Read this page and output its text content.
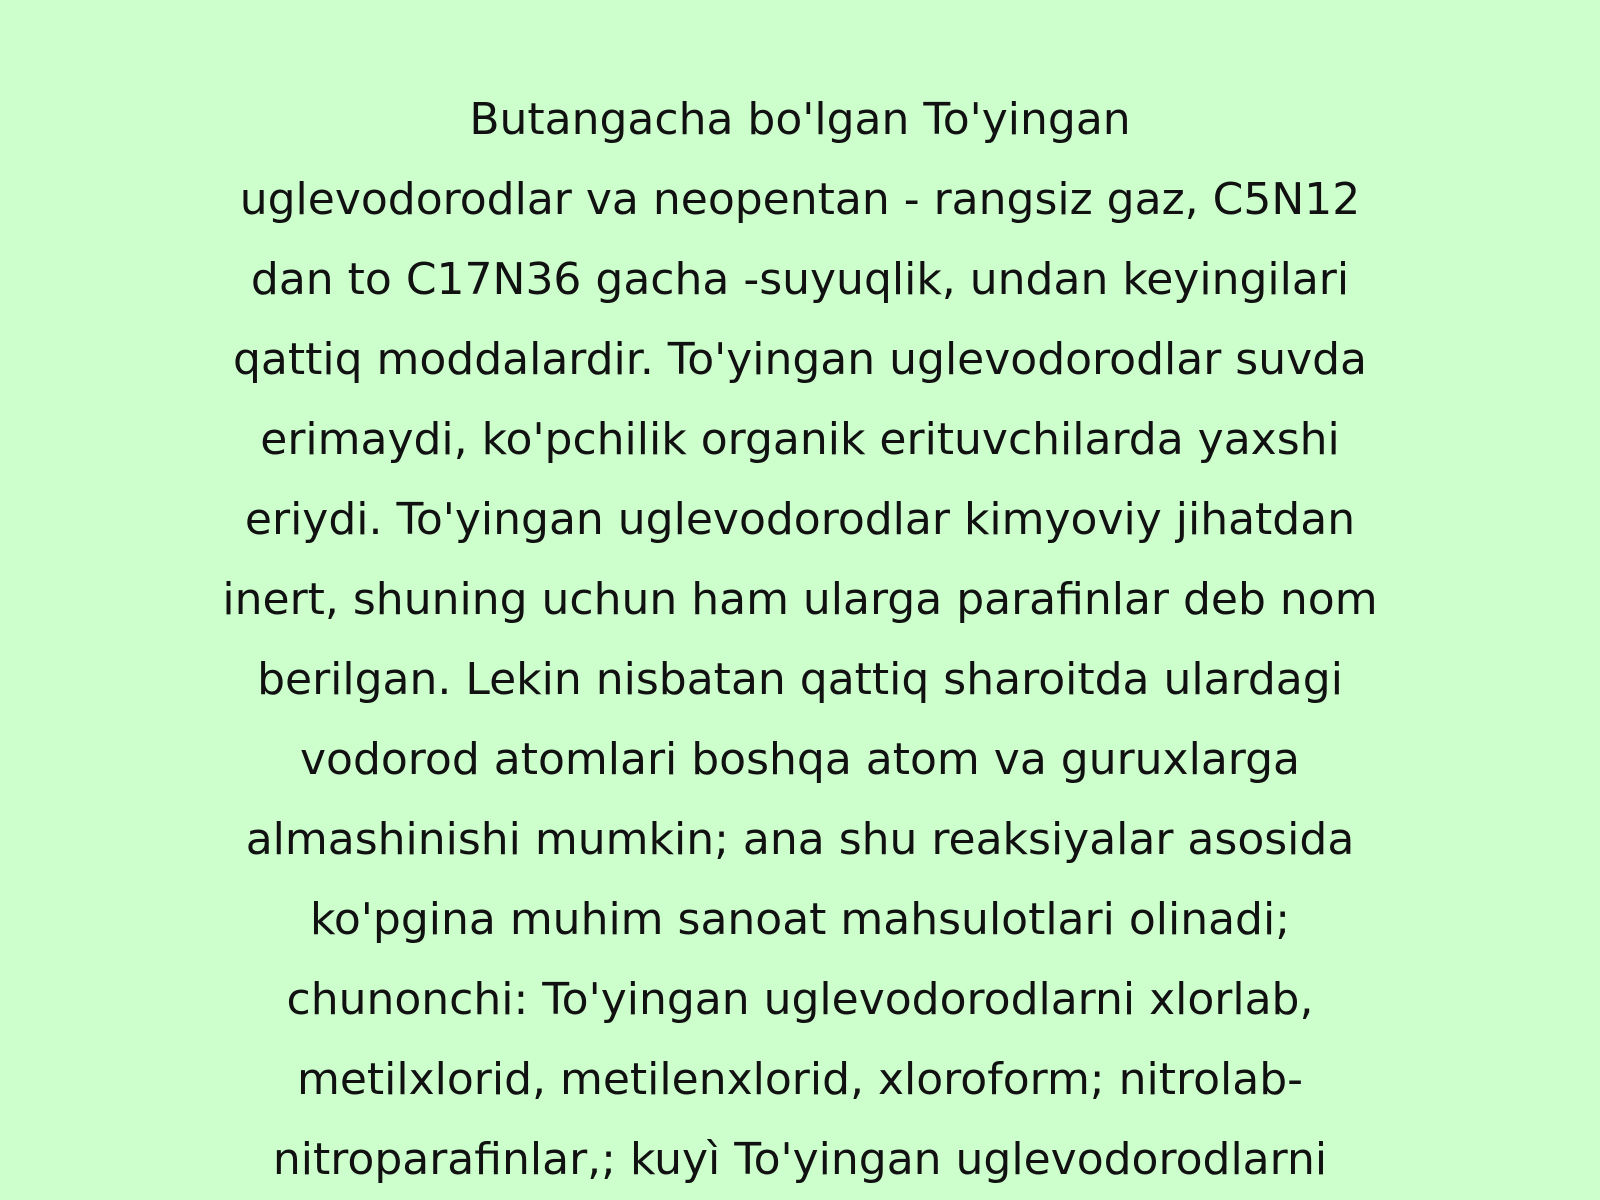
Butangacha bo'lgan To'yingan
uglevodorodlar va neopentan - rangsiz gaz, C5N12
dan to C17N36 gacha -suyuqlik, undan keyingilari
qattiq moddalardir. To'yingan uglevodorodlar suvda
erimaydi, ko'pchilik organik erituvchilarda yaxshi
eriydi. To'yingan uglevodorodlar kimyoviy jihatdan
inert, shuning uchun ham ularga parafinlar deb nom
berilgan. Lekin nisbatan qattiq sharoitda ulardagi
vodorod atomlari boshqa atom va guruxlarga
almashinishi mumkin; ana shu reaksiyalar asosida
ko'pgina muhim sanoat mahsulotlari olinadi;
chunonchi: To'yingan uglevodorodlarni xlorlab,
metilxlorid, metilenxlorid, xloroform; nitrolab-
nitroparafinlar,; kuyì To'yingan uglevodorodlarni
